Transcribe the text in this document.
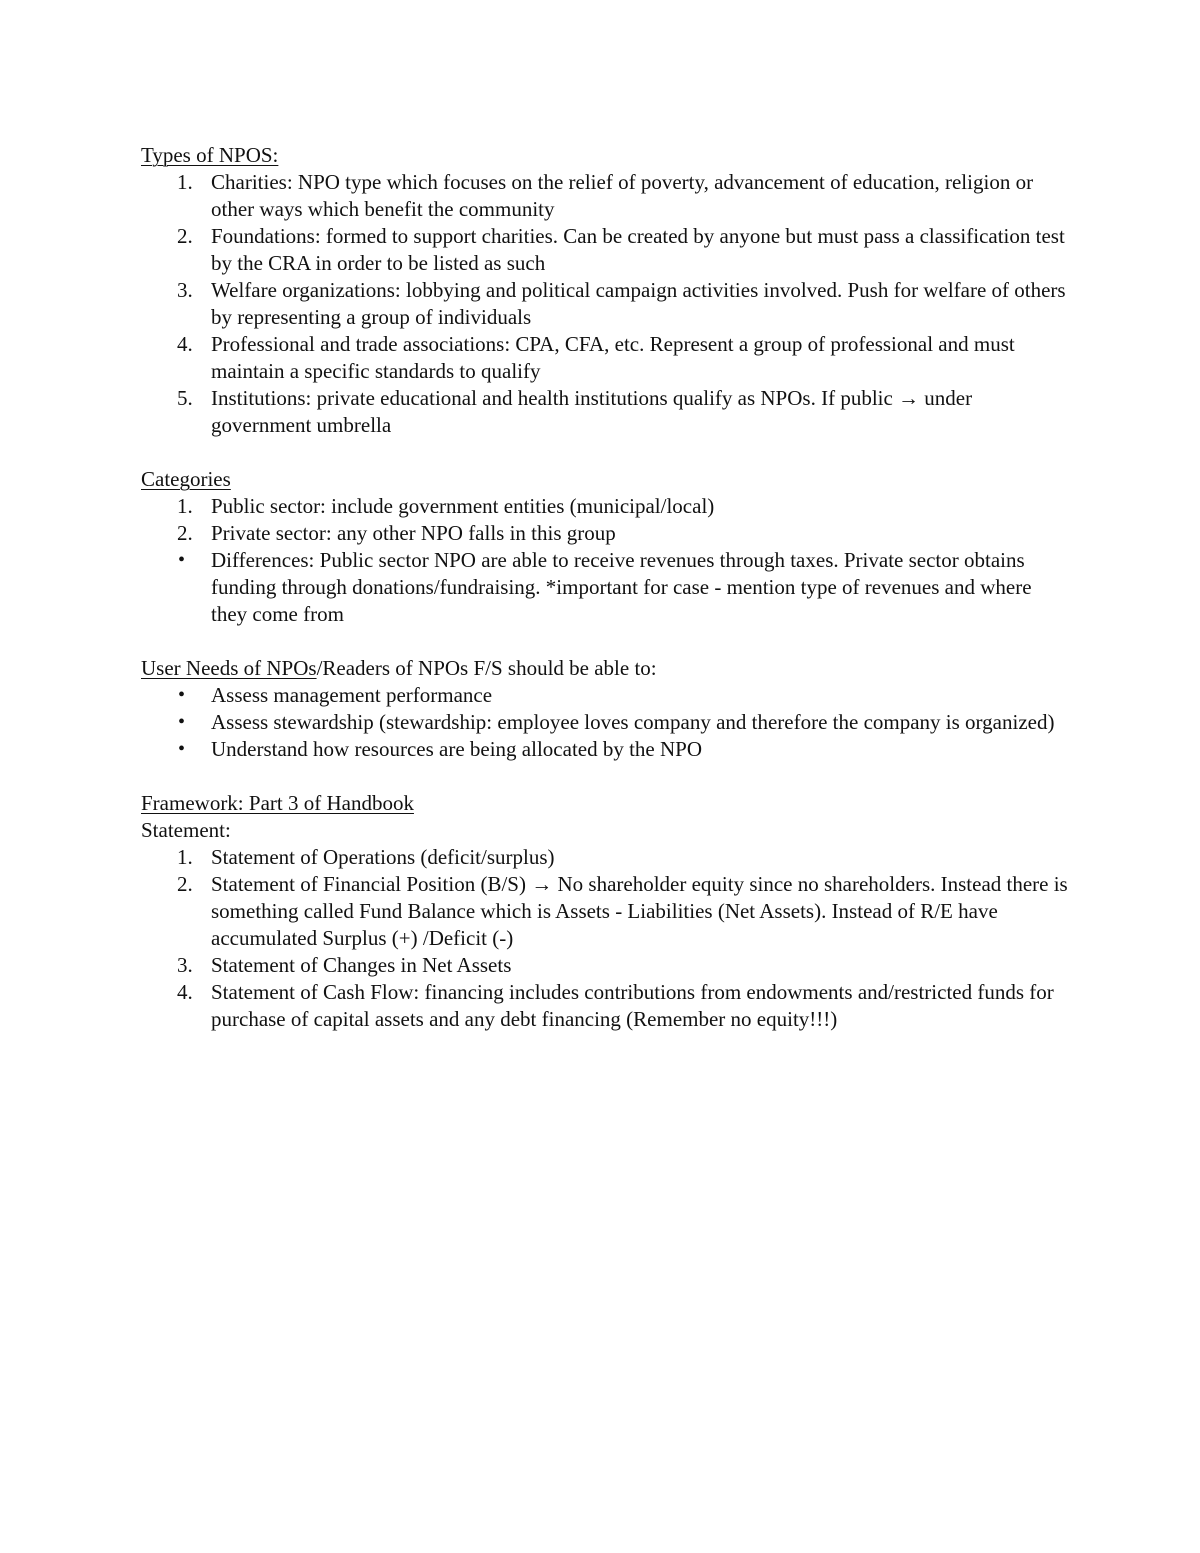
Types of NPOS:
1. Charities: NPO type which focuses on the relief of poverty, advancement of education, religion or other ways which benefit the community
2. Foundations: formed to support charities. Can be created by anyone but must pass a classification test by the CRA in order to be listed as such
3. Welfare organizations: lobbying and political campaign activities involved. Push for welfare of others by representing a group of individuals
4. Professional and trade associations: CPA, CFA, etc. Represent a group of professional and must maintain a specific standards to qualify
5. Institutions: private educational and health institutions qualify as NPOs. If public → under government umbrella
Categories
1. Public sector: include government entities (municipal/local)
2. Private sector: any other NPO falls in this group
•	Differences: Public sector NPO are able to receive revenues through taxes. Private sector obtains funding through donations/fundraising. *important for case - mention type of revenues and where they come from
User Needs of NPOs/Readers of NPOs F/S should be able to:
•	Assess management performance
•	Assess stewardship (stewardship: employee loves company and therefore the company is organized)
•	Understand how resources are being allocated by the NPO
Framework: Part 3 of Handbook
Statement:
1. Statement of Operations (deficit/surplus)
2. Statement of Financial Position (B/S) → No shareholder equity since no shareholders. Instead there is something called Fund Balance which is Assets - Liabilities (Net Assets). Instead of R/E have accumulated Surplus (+) /Deficit (-)
3. Statement of Changes in Net Assets
4. Statement of Cash Flow: financing includes contributions from endowments and/restricted funds for purchase of capital assets and any debt financing (Remember no equity!!!)
